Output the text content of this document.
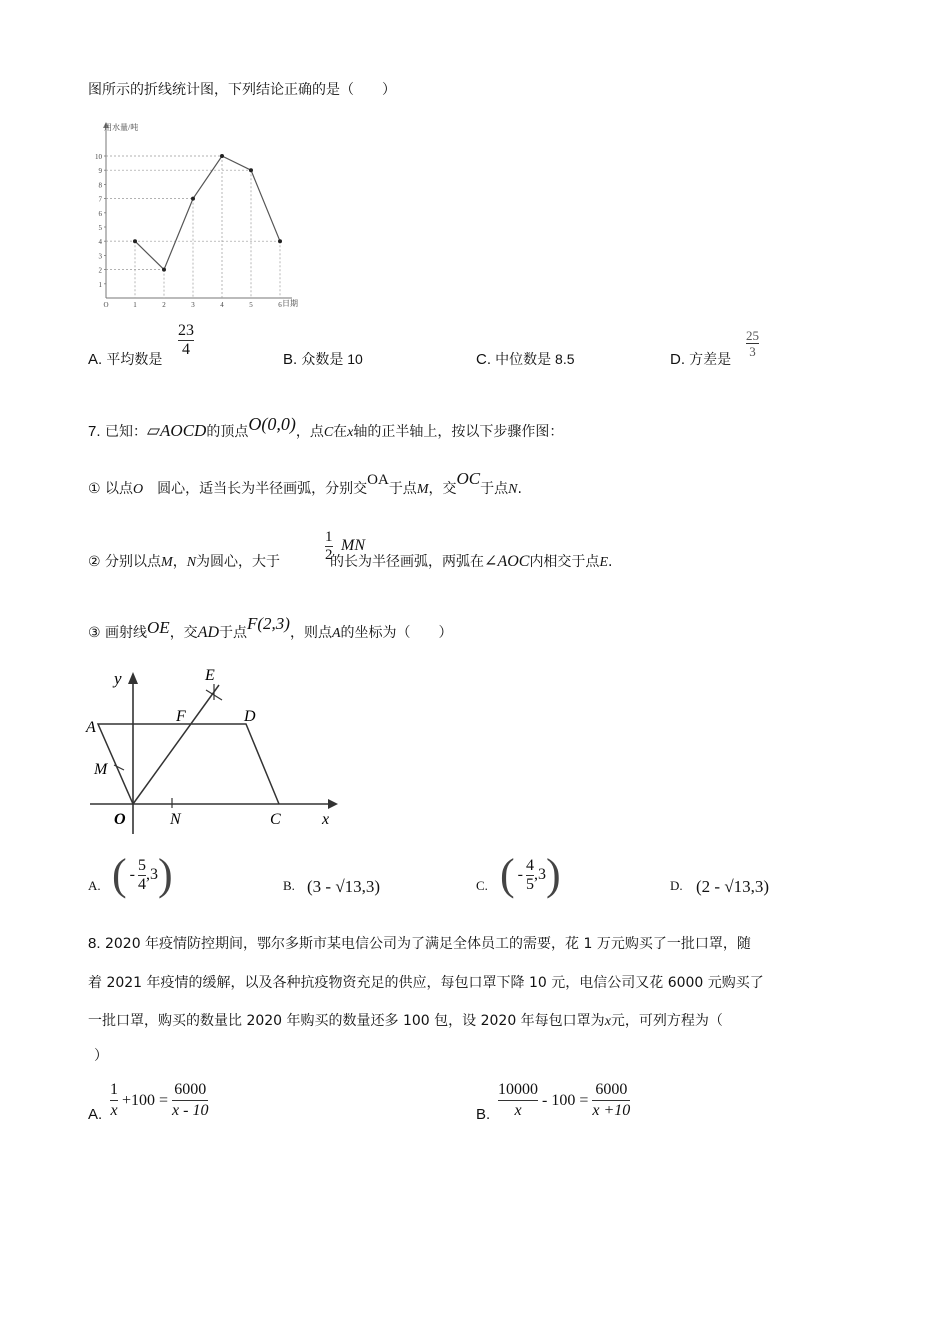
图所示的折线统计图，下列结论正确的是（　　）
用水量/吨
日期
1
2
3
4
5
6
7
8
9
10
O	1	2	3	4	5	6
A. 平均数是
23
4
B. 众数是 10	C. 中位数是 8.5	D. 方差是
25
3
7. 已知：▱AOCD的顶点O(0,0)，点C在x轴的正半轴上，按以下步骤作图：
① 以点O　圆心，适当长为半径画弧，分别交OA于点M，交OC于点N.
② 分别以点M，N为圆心，大于	的长为半径画弧，两弧在∠AOC内相交于点E.
1
2
MN
③ 画射线OE，交AD于点F(2,3)，则点A的坐标为（　　）
y	E
A
F	D
M
O	N	C	x
A. ( -
5
4
,3 )	B. (3 - √13,3)	C. ( -
4
5
,3 )	D. (2 - √13,3)
8. 2020 年疫情防控期间，鄂尔多斯市某电信公司为了满足全体员工的需要，花 1 万元购买了一批口罩，随
着 2021 年疫情的缓解，以及各种抗疫物资充足的供应，每包口罩下降 10 元，电信公司又花 6000 元购买了
一批口罩，购买的数量比 2020 年购买的数量还多 100 包，设 2020 年每包口罩为x元，可列方程为（
）
A.
1
x
+100 =
6000
x - 10	B.
10000
x
- 100 =
6000
x +10
